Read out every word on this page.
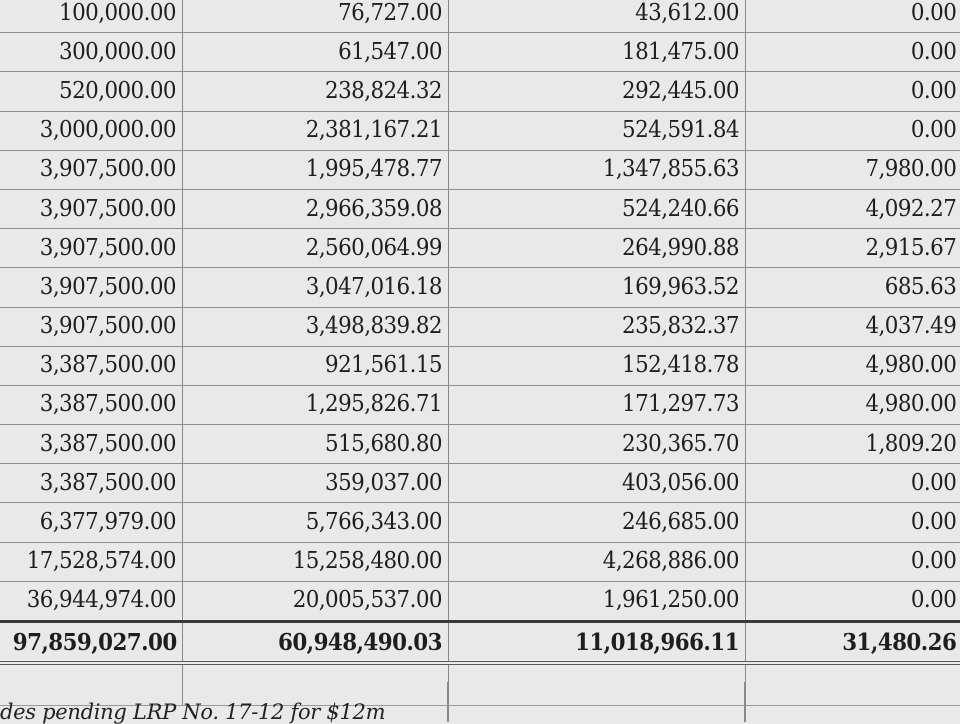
100,000.00	76,727.00	43,612.00	0.00
300,000.00	61,547.00	181,475.00	0.00
520,000.00	238,824.32	292,445.00	0.00
3,000,000.00	2,381,167.21	524,591.84	0.00
3,907,500.00	1,995,478.77	1,347,855.63	7,980.00
3,907,500.00	2,966,359.08	524,240.66	4,092.27
3,907,500.00	2,560,064.99	264,990.88	2,915.67
3,907,500.00	3,047,016.18	169,963.52	685.63
3,907,500.00	3,498,839.82	235,832.37	4,037.49
3,387,500.00	921,561.15	152,418.78	4,980.00
3,387,500.00	1,295,826.71	171,297.73	4,980.00
3,387,500.00	515,680.80	230,365.70	1,809.20
3,387,500.00	359,037.00	403,056.00	0.00
6,377,979.00	5,766,343.00	246,685.00	0.00
17,528,574.00	15,258,480.00	4,268,886.00	0.00
36,944,974.00	20,005,537.00	1,961,250.00	0.00
97,859,027.00	60,948,490.03	11,018,966.11	31,480.26

des pending LRP No. 17-12 for $12m
